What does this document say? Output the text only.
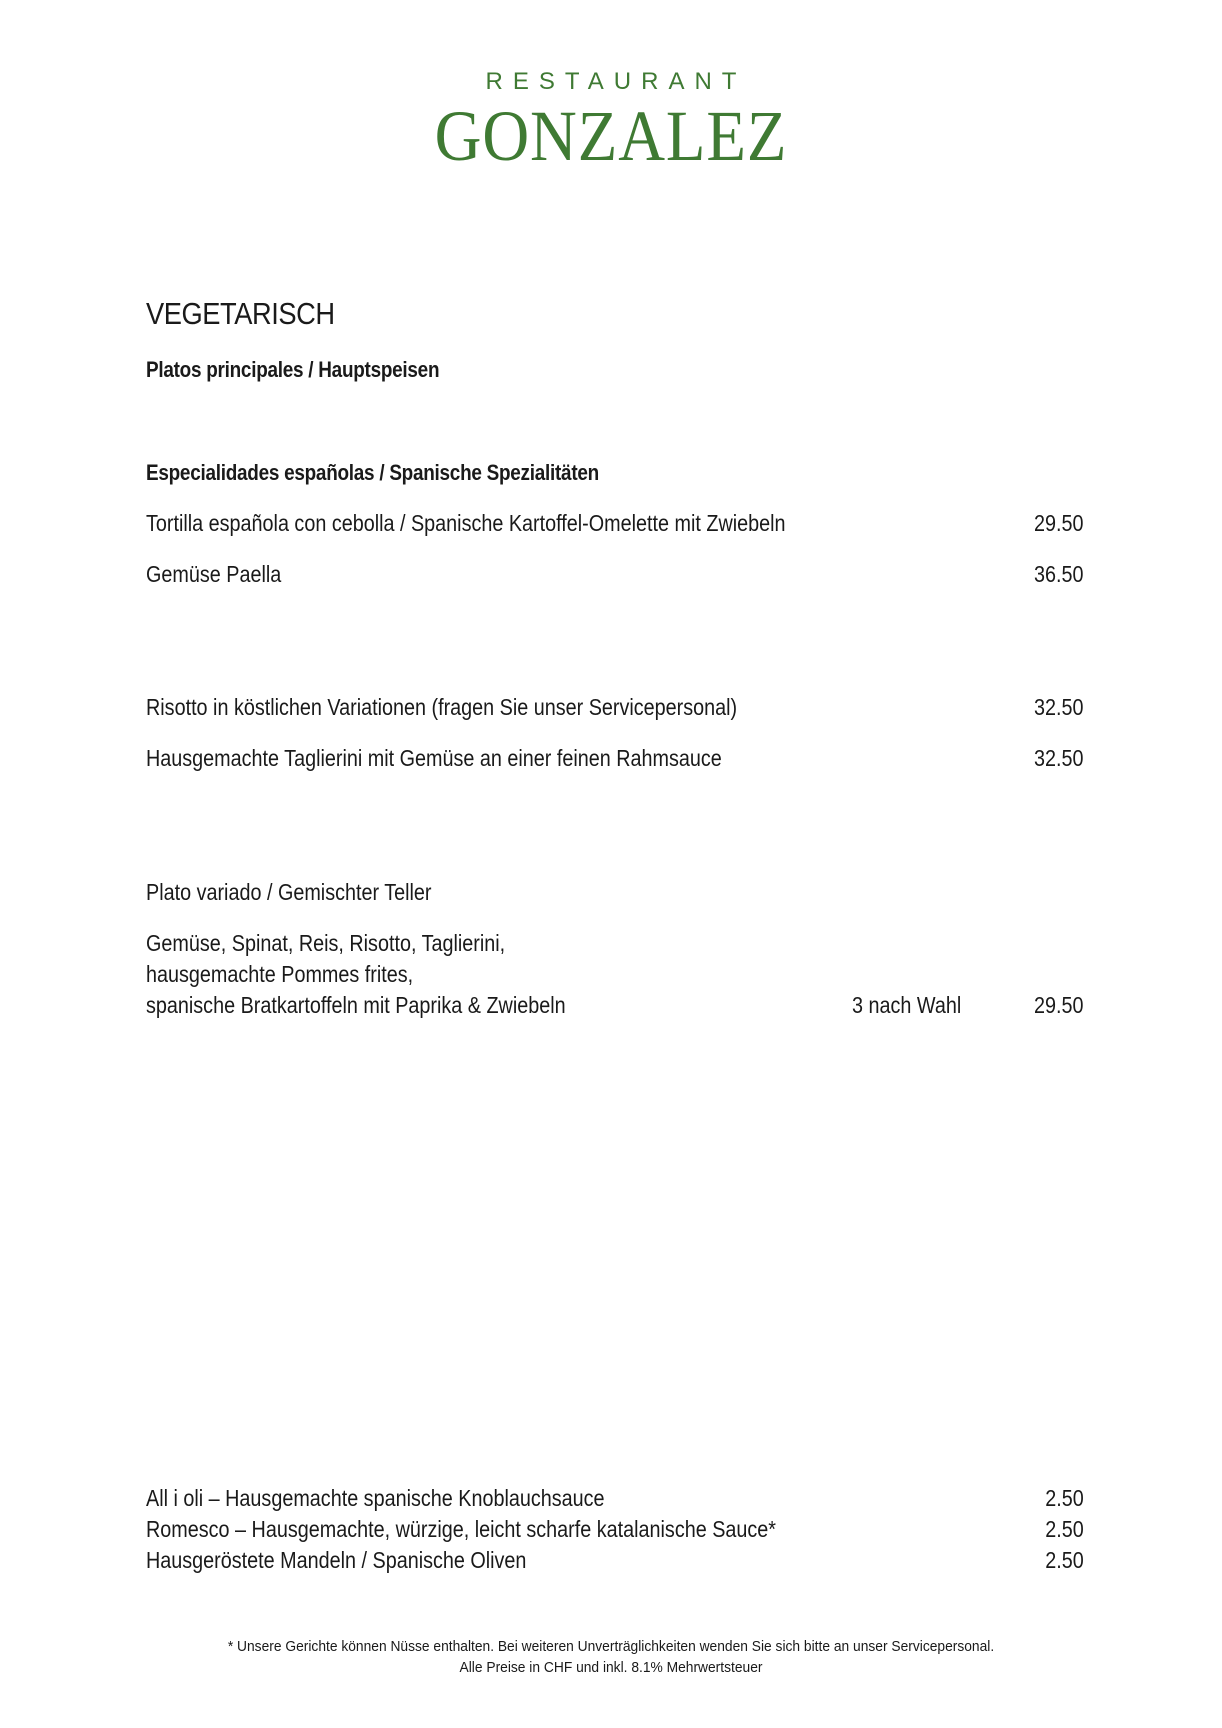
RESTAURANT
GONZALEZ
VEGETARISCH
Platos principales / Hauptspeisen
Especialidades españolas / Spanische Spezialitäten
Tortilla española con cebolla / Spanische Kartoffel-Omelette mit Zwiebeln	29.50
Gemüse Paella	36.50
Risotto in köstlichen Variationen (fragen Sie unser Servicepersonal)	32.50
Hausgemachte Taglierini mit Gemüse an einer feinen Rahmsauce	32.50
Plato variado / Gemischter Teller
Gemüse, Spinat, Reis, Risotto, Taglierini,
hausgemachte Pommes frites,
spanische Bratkartoffeln mit Paprika & Zwiebeln	3 nach Wahl	29.50
All i oli – Hausgemachte spanische Knoblauchsauce	2.50
Romesco – Hausgemachte, würzige, leicht scharfe katalanische Sauce*	2.50
Hausgeröstete Mandeln / Spanische Oliven	2.50
* Unsere Gerichte können Nüsse enthalten. Bei weiteren Unverträglichkeiten wenden Sie sich bitte an unser Servicepersonal.
Alle Preise in CHF und inkl. 8.1% Mehrwertsteuer
